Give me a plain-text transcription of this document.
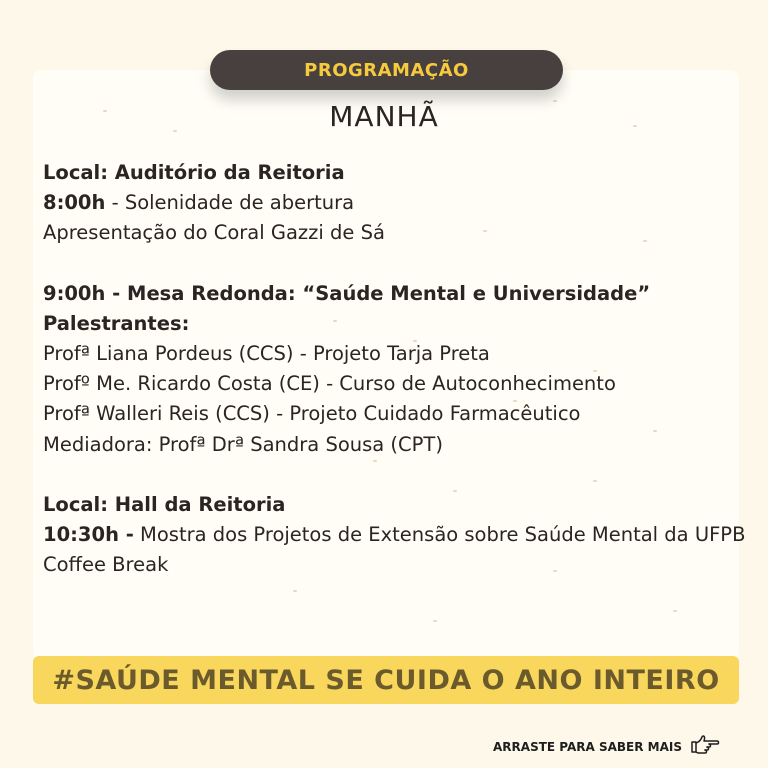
PROGRAMAÇÃO
MANHÃ
Local: Auditório da Reitoria
8:00h - Solenidade de abertura
Apresentação do Coral Gazzi de Sá
9:00h - Mesa Redonda: “Saúde Mental e Universidade”
Palestrantes:
Profª Liana Pordeus (CCS) - Projeto Tarja Preta
Profº Me. Ricardo Costa (CE) - Curso de Autoconhecimento
Profª Walleri Reis (CCS) - Projeto Cuidado Farmacêutico
Mediadora: Profª Drª Sandra Sousa (CPT)
Local: Hall da Reitoria
10:30h - Mostra dos Projetos de Extensão sobre Saúde Mental da UFPB
Coffee Break
#SAÚDE MENTAL SE CUIDA O ANO INTEIRO
ARRASTE PARA SABER MAIS
